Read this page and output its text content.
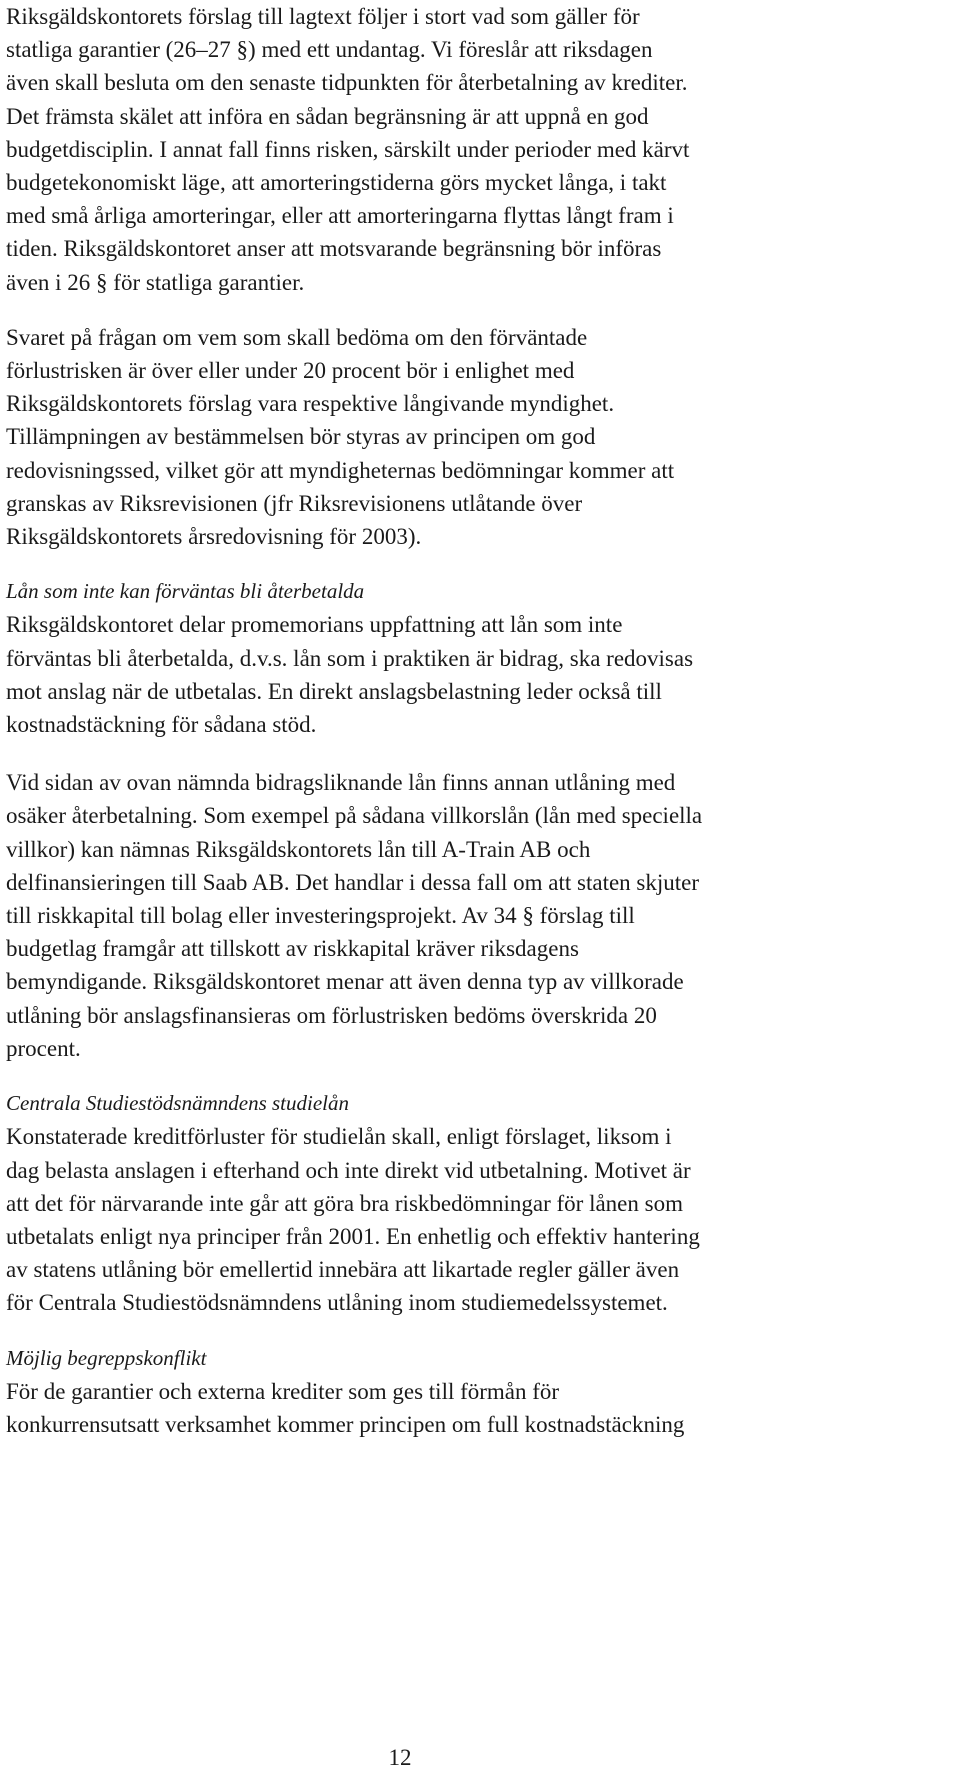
Riksgäldskontorets förslag till lagtext följer i stort vad som gäller för
statliga garantier (26–27 §) med ett undantag. Vi föreslår att riksdagen
även skall besluta om den senaste tidpunkten för återbetalning av krediter.
Det främsta skälet att införa en sådan begränsning är att uppnå en god
budgetdisciplin. I annat fall finns risken, särskilt under perioder med kärvt
budgetekonomiskt läge, att amorteringstiderna görs mycket långa, i takt
med små årliga amorteringar, eller att amorteringarna flyttas långt fram i
tiden. Riksgäldskontoret anser att motsvarande begränsning bör införas
även i 26 § för statliga garantier.
Svaret på frågan om vem som skall bedöma om den förväntade
förlustrisken är över eller under 20 procent bör i enlighet med
Riksgäldskontorets förslag vara respektive långivande myndighet.
Tillämpningen av bestämmelsen bör styras av principen om god
redovisningssed, vilket gör att myndigheternas bedömningar kommer att
granskas av Riksrevisionen (jfr Riksrevisionens utlåtande över
Riksgäldskontorets årsredovisning för 2003).
Lån som inte kan förväntas bli återbetalda
Riksgäldskontoret delar promemorians uppfattning att lån som inte
förväntas bli återbetalda, d.v.s. lån som i praktiken är bidrag, ska redovisas
mot anslag när de utbetalas. En direkt anslagsbelastning leder också till
kostnadstäckning för sådana stöd.
Vid sidan av ovan nämnda bidragsliknande lån finns annan utlåning med
osäker återbetalning. Som exempel på sådana villkorslån (lån med speciella
villkor) kan nämnas Riksgäldskontorets lån till A-Train AB och
delfinansieringen till Saab AB. Det handlar i dessa fall om att staten skjuter
till riskkapital till bolag eller investeringsprojekt. Av 34 § förslag till
budgetlag framgår att tillskott av riskkapital kräver riksdagens
bemyndigande. Riksgäldskontoret menar att även denna typ av villkorade
utlåning bör anslagsfinansieras om förlustrisken bedöms överskrida 20
procent.
Centrala Studiestödsnämndens studielån
Konstaterade kreditförluster för studielån skall, enligt förslaget, liksom i
dag belasta anslagen i efterhand och inte direkt vid utbetalning. Motivet är
att det för närvarande inte går att göra bra riskbedömningar för lånen som
utbetalats enligt nya principer från 2001. En enhetlig och effektiv hantering
av statens utlåning bör emellertid innebära att likartade regler gäller även
för Centrala Studiestödsnämndens utlåning inom studiemedelssystemet.
Möjlig begreppskonflikt
För de garantier och externa krediter som ges till förmån för
konkurrensutsatt verksamhet kommer principen om full kostnadstäckning
12
